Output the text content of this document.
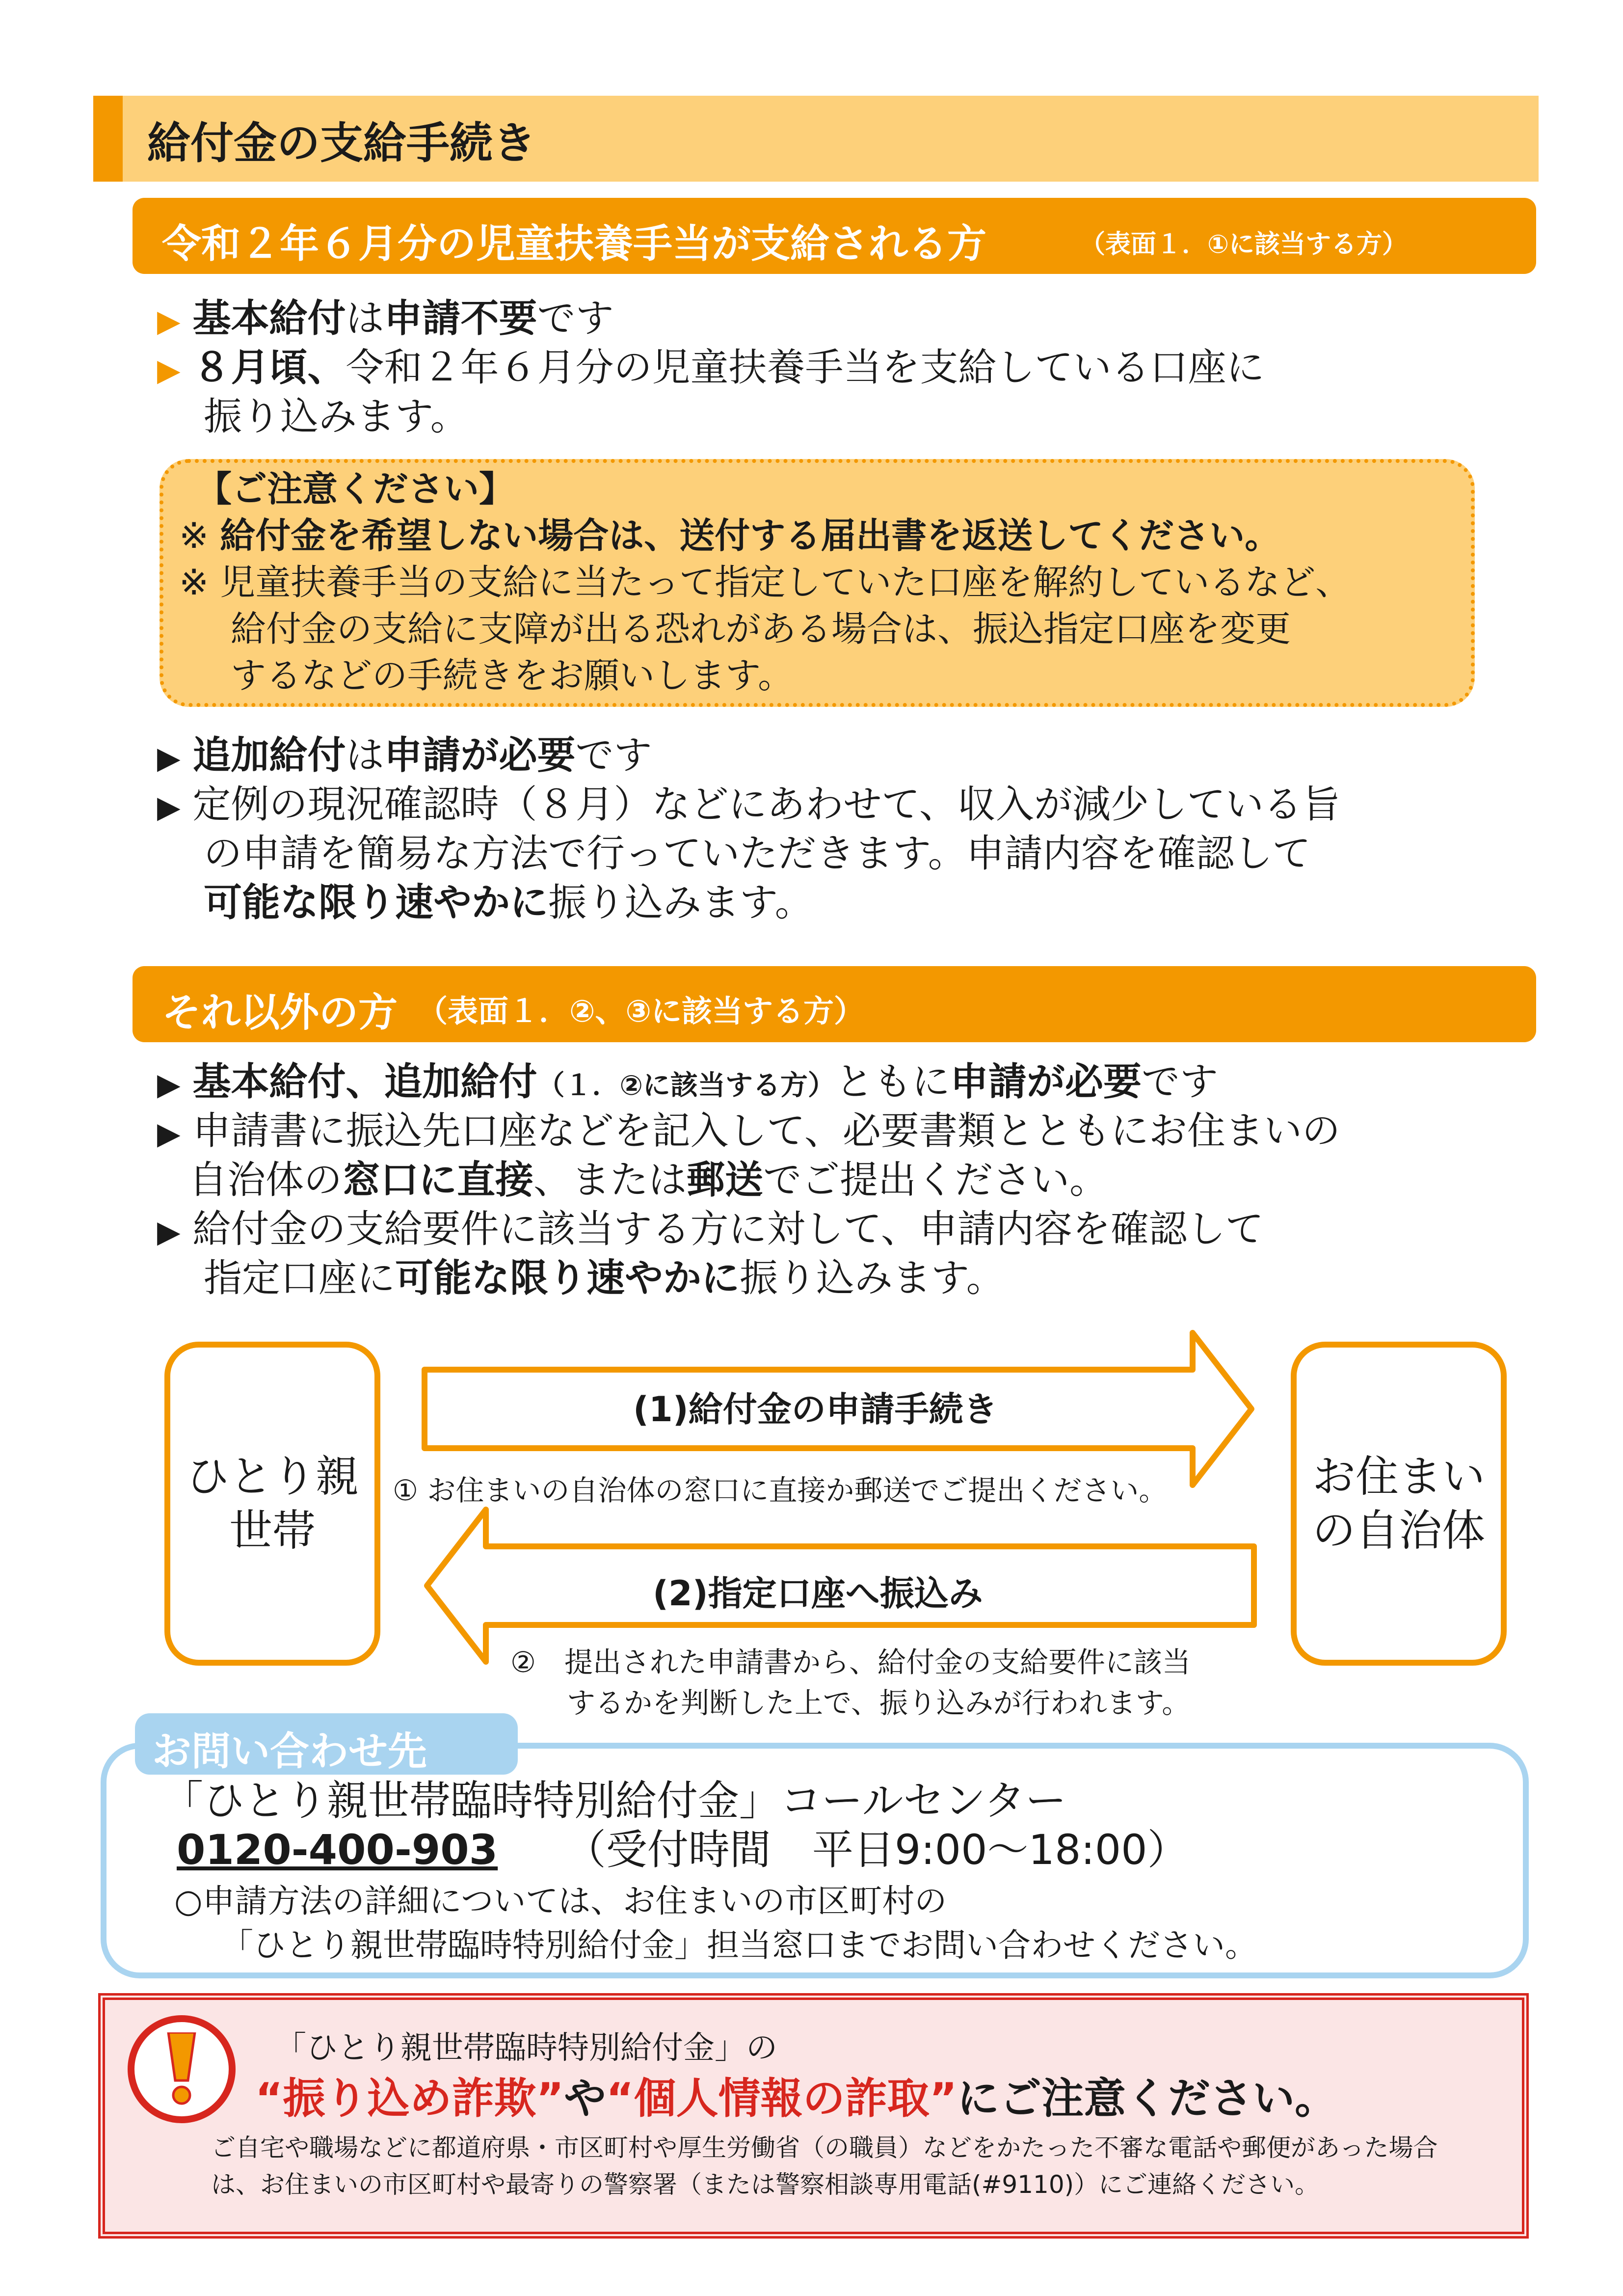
給付金の支給手続き
令和２年６月分の児童扶養手当が支給される方	（表面１．①に該当する方）
▶ 基本給付は申請不要です
▶ ８月頃、令和２年６月分の児童扶養手当を支給している口座に
振り込みます。
【ご注意ください】
※ 給付金を希望しない場合は、送付する届出書を返送してください。
※ 児童扶養手当の支給に当たって指定していた口座を解約しているなど、
給付金の支給に支障が出る恐れがある場合は、振込指定口座を変更
するなどの手続きをお願いします。
▶ 追加給付は申請が必要です
▶ 定例の現況確認時（８月）などにあわせて、収入が減少している旨
の申請を簡易な方法で行っていただきます。申請内容を確認して
可能な限り速やかに振り込みます。
それ以外の方 （表面１．②、③に該当する方）
▶ 基本給付、追加給付（１．②に該当する方）ともに申請が必要です
▶ 申請書に振込先口座などを記入して、必要書類とともにお住まいの
自治体の窓口に直接、または郵送でご提出ください。
▶ 給付金の支給要件に該当する方に対して、申請内容を確認して
指定口座に可能な限り速やかに振り込みます。
ひとり親
世帯
お住まい
の自治体
(1)給付金の申請手続き
① お住まいの自治体の窓口に直接か郵送でご提出ください。
(2)指定口座へ振込み
②　提出された申請書から、給付金の支給要件に該当
するかを判断した上で、振り込みが行われます。
お問い合わせ先
「ひとり親世帯臨時特別給付金」コールセンター
0120-400-903 （受付時間　平日9:00～18:00）
○申請方法の詳細については、お住まいの市区町村の
「ひとり親世帯臨時特別給付金」担当窓口までお問い合わせください。
「ひとり親世帯臨時特別給付金」の
“振り込め詐欺”や“個人情報の詐取”にご注意ください。
ご自宅や職場などに都道府県・市区町村や厚生労働省（の職員）などをかたった不審な電話や郵便があった場合
は、お住まいの市区町村や最寄りの警察署（または警察相談専用電話(#9110)）にご連絡ください。
